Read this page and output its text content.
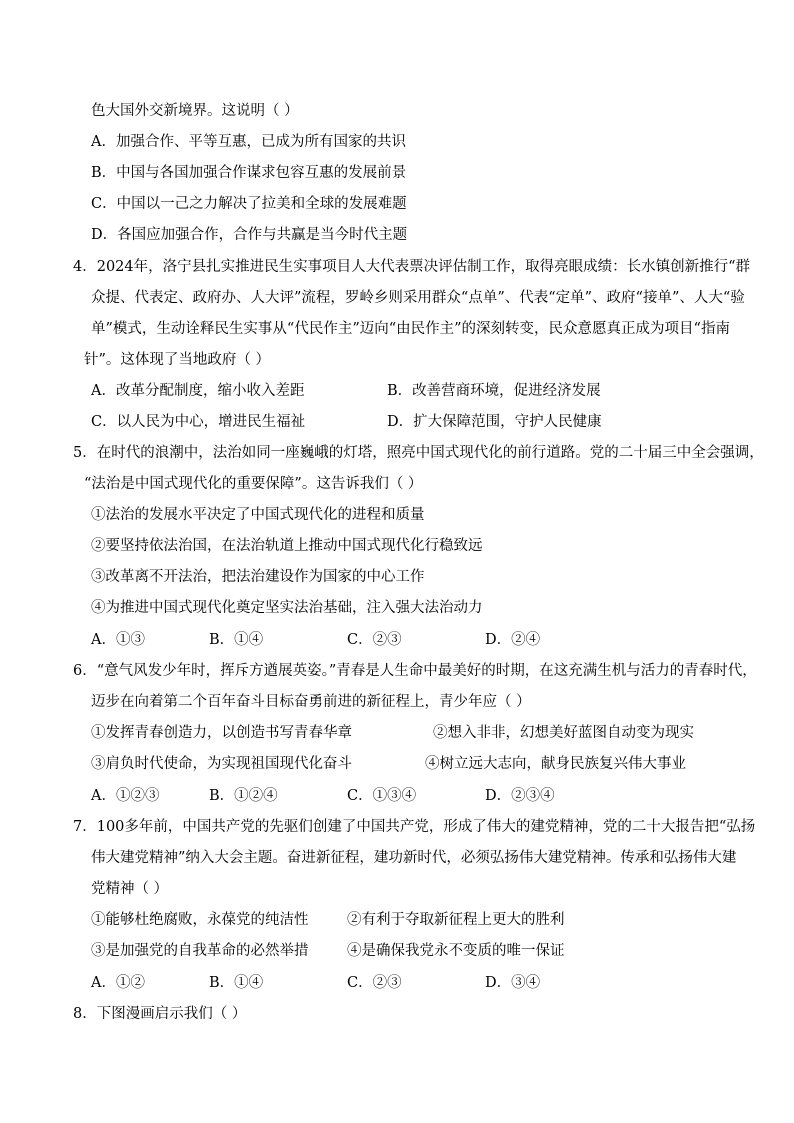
色大国外交新境界。这说明（ ）
A．加强合作、平等互惠，已成为所有国家的共识
B．中国与各国加强合作谋求包容互惠的发展前景
C．中国以一己之力解决了拉美和全球的发展难题
D．各国应加强合作，合作与共赢是当今时代主题
4．2024年，洛宁县扎实推进民生实事项目人大代表票决评估制工作，取得亮眼成绩：长水镇创新推行“群
众提、代表定、政府办、人大评”流程，罗岭乡则采用群众“点单”、代表“定单”、政府“接单”、人大“验
单”模式，生动诠释民生实事从“代民作主”迈向“由民作主”的深刻转变，民众意愿真正成为项目“指南
针”。这体现了当地政府（ ）
A．改革分配制度，缩小收入差距	B．改善营商环境，促进经济发展
C．以人民为中心，增进民生福祉	D．扩大保障范围，守护人民健康
5．在时代的浪潮中，法治如同一座巍峨的灯塔，照亮中国式现代化的前行道路。党的二十届三中全会强调，
“法治是中国式现代化的重要保障”。这告诉我们（ ）
①法治的发展水平决定了中国式现代化的进程和质量
②要坚持依法治国，在法治轨道上推动中国式现代化行稳致远
③改革离不开法治，把法治建设作为国家的中心工作
④为推进中国式现代化奠定坚实法治基础，注入强大法治动力
A．①③	B．①④	C．②③	D．②④
6．“意气风发少年时，挥斥方遒展英姿。”青春是人生命中最美好的时期，在这充满生机与活力的青春时代，
迈步在向着第二个百年奋斗目标奋勇前进的新征程上，青少年应（ ）
①发挥青春创造力，以创造书写青春华章	②想入非非，幻想美好蓝图自动变为现实
③肩负时代使命，为实现祖国现代化奋斗	④树立远大志向，献身民族复兴伟大事业
A．①②③	B．①②④	C．①③④	D．②③④
7．100多年前，中国共产党的先驱们创建了中国共产党，形成了伟大的建党精神，党的二十大报告把“弘扬
伟大建党精神”纳入大会主题。奋进新征程，建功新时代，必须弘扬伟大建党精神。传承和弘扬伟大建
党精神（ ）
①能够杜绝腐败，永葆党的纯洁性	②有利于夺取新征程上更大的胜利
③是加强党的自我革命的必然举措	④是确保我党永不变质的唯一保证
A．①②	B．①④	C．②③	D．③④
8．下图漫画启示我们（ ）
